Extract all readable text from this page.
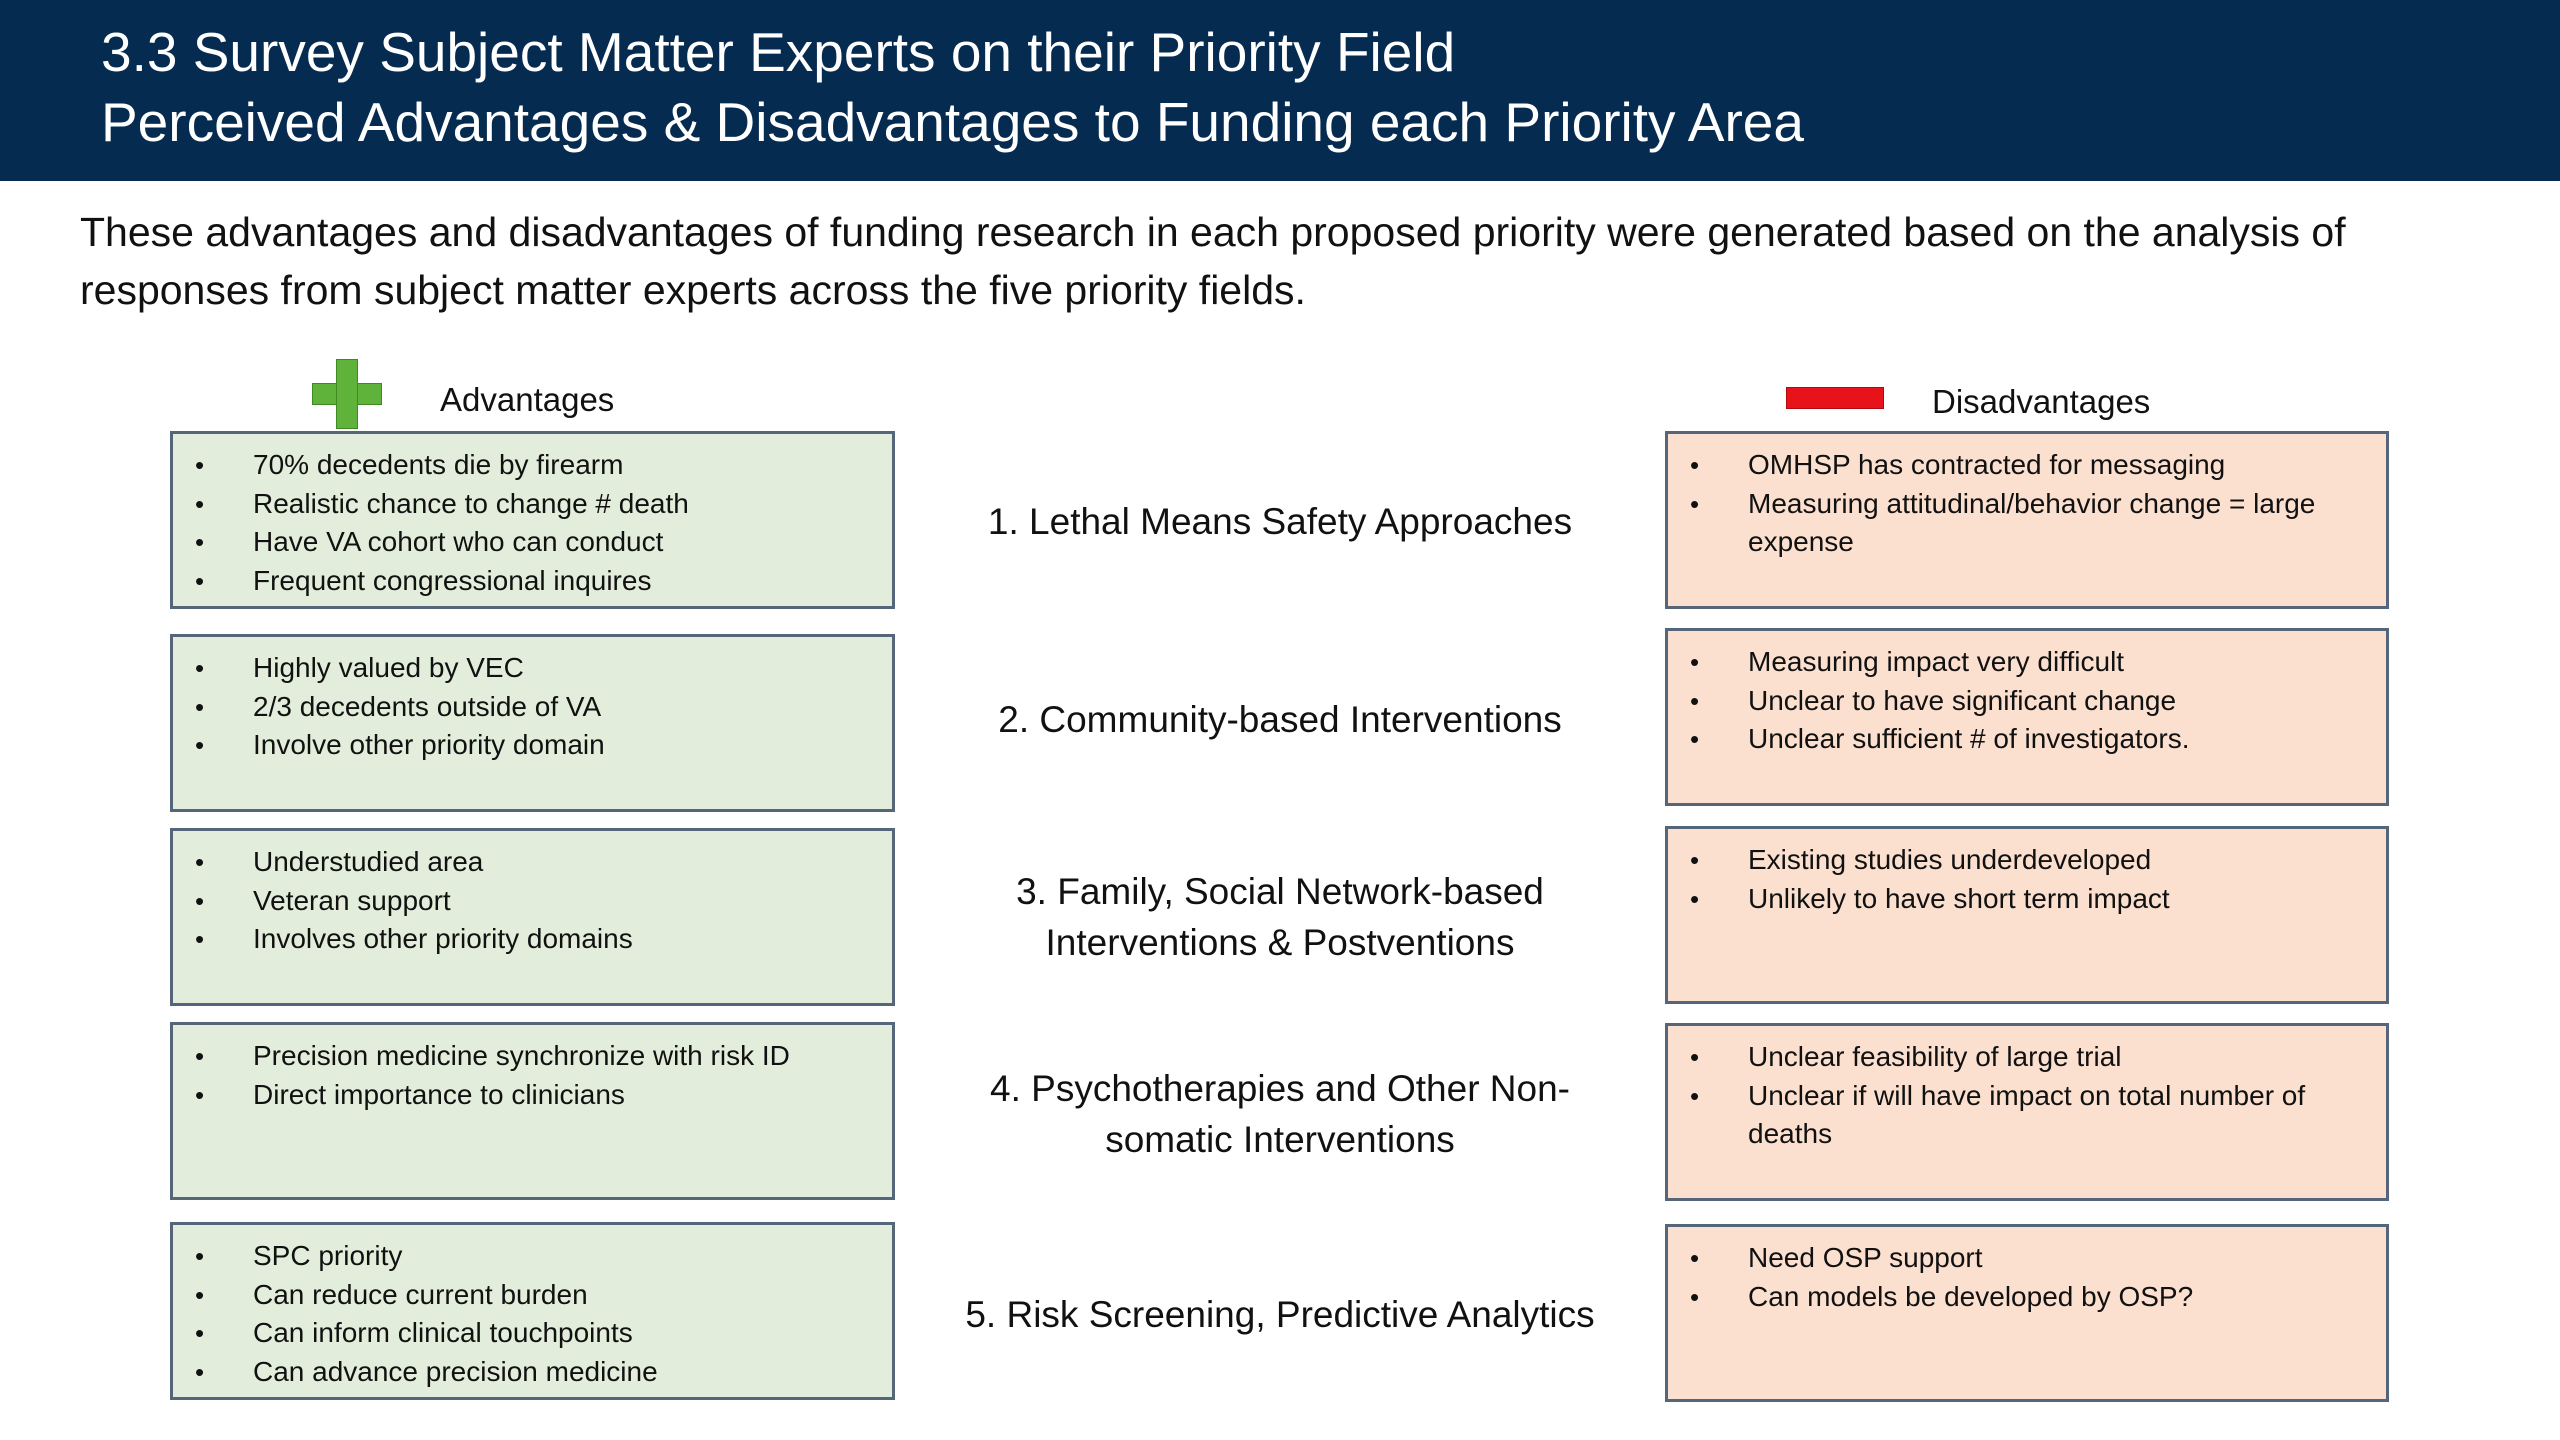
3.3 Survey Subject Matter Experts on their Priority Field
Perceived Advantages & Disadvantages to Funding each Priority Area
These advantages and disadvantages of funding research in each proposed priority were generated based on the analysis of responses from subject matter experts across the five priority fields.
Advantages	Disadvantages
• 70% decedents die by firearm
• Realistic chance to change # death
• Have VA cohort who can conduct
• Frequent congressional inquires
1. Lethal Means Safety Approaches
• OMHSP has contracted for messaging
• Measuring attitudinal/behavior change = large expense
• Highly valued by VEC
• 2/3 decedents outside of VA
• Involve other priority domain
2. Community-based Interventions
• Measuring impact very difficult
• Unclear to have significant change
• Unclear sufficient # of investigators.
• Understudied area
• Veteran support
• Involves other priority domains
3. Family, Social Network-based Interventions & Postventions
• Existing studies underdeveloped
• Unlikely to have short term impact
• Precision medicine synchronize with risk ID
• Direct importance to clinicians	4. Psychotherapies and Other Non-somatic Interventions
• Unclear feasibility of large trial
• Unclear if will have impact on total number of deaths
• SPC priority
• Can reduce current burden
• Can inform clinical touchpoints
• Can advance precision medicine
5. Risk Screening, Predictive Analytics
• Need OSP support
• Can models be developed by OSP?
